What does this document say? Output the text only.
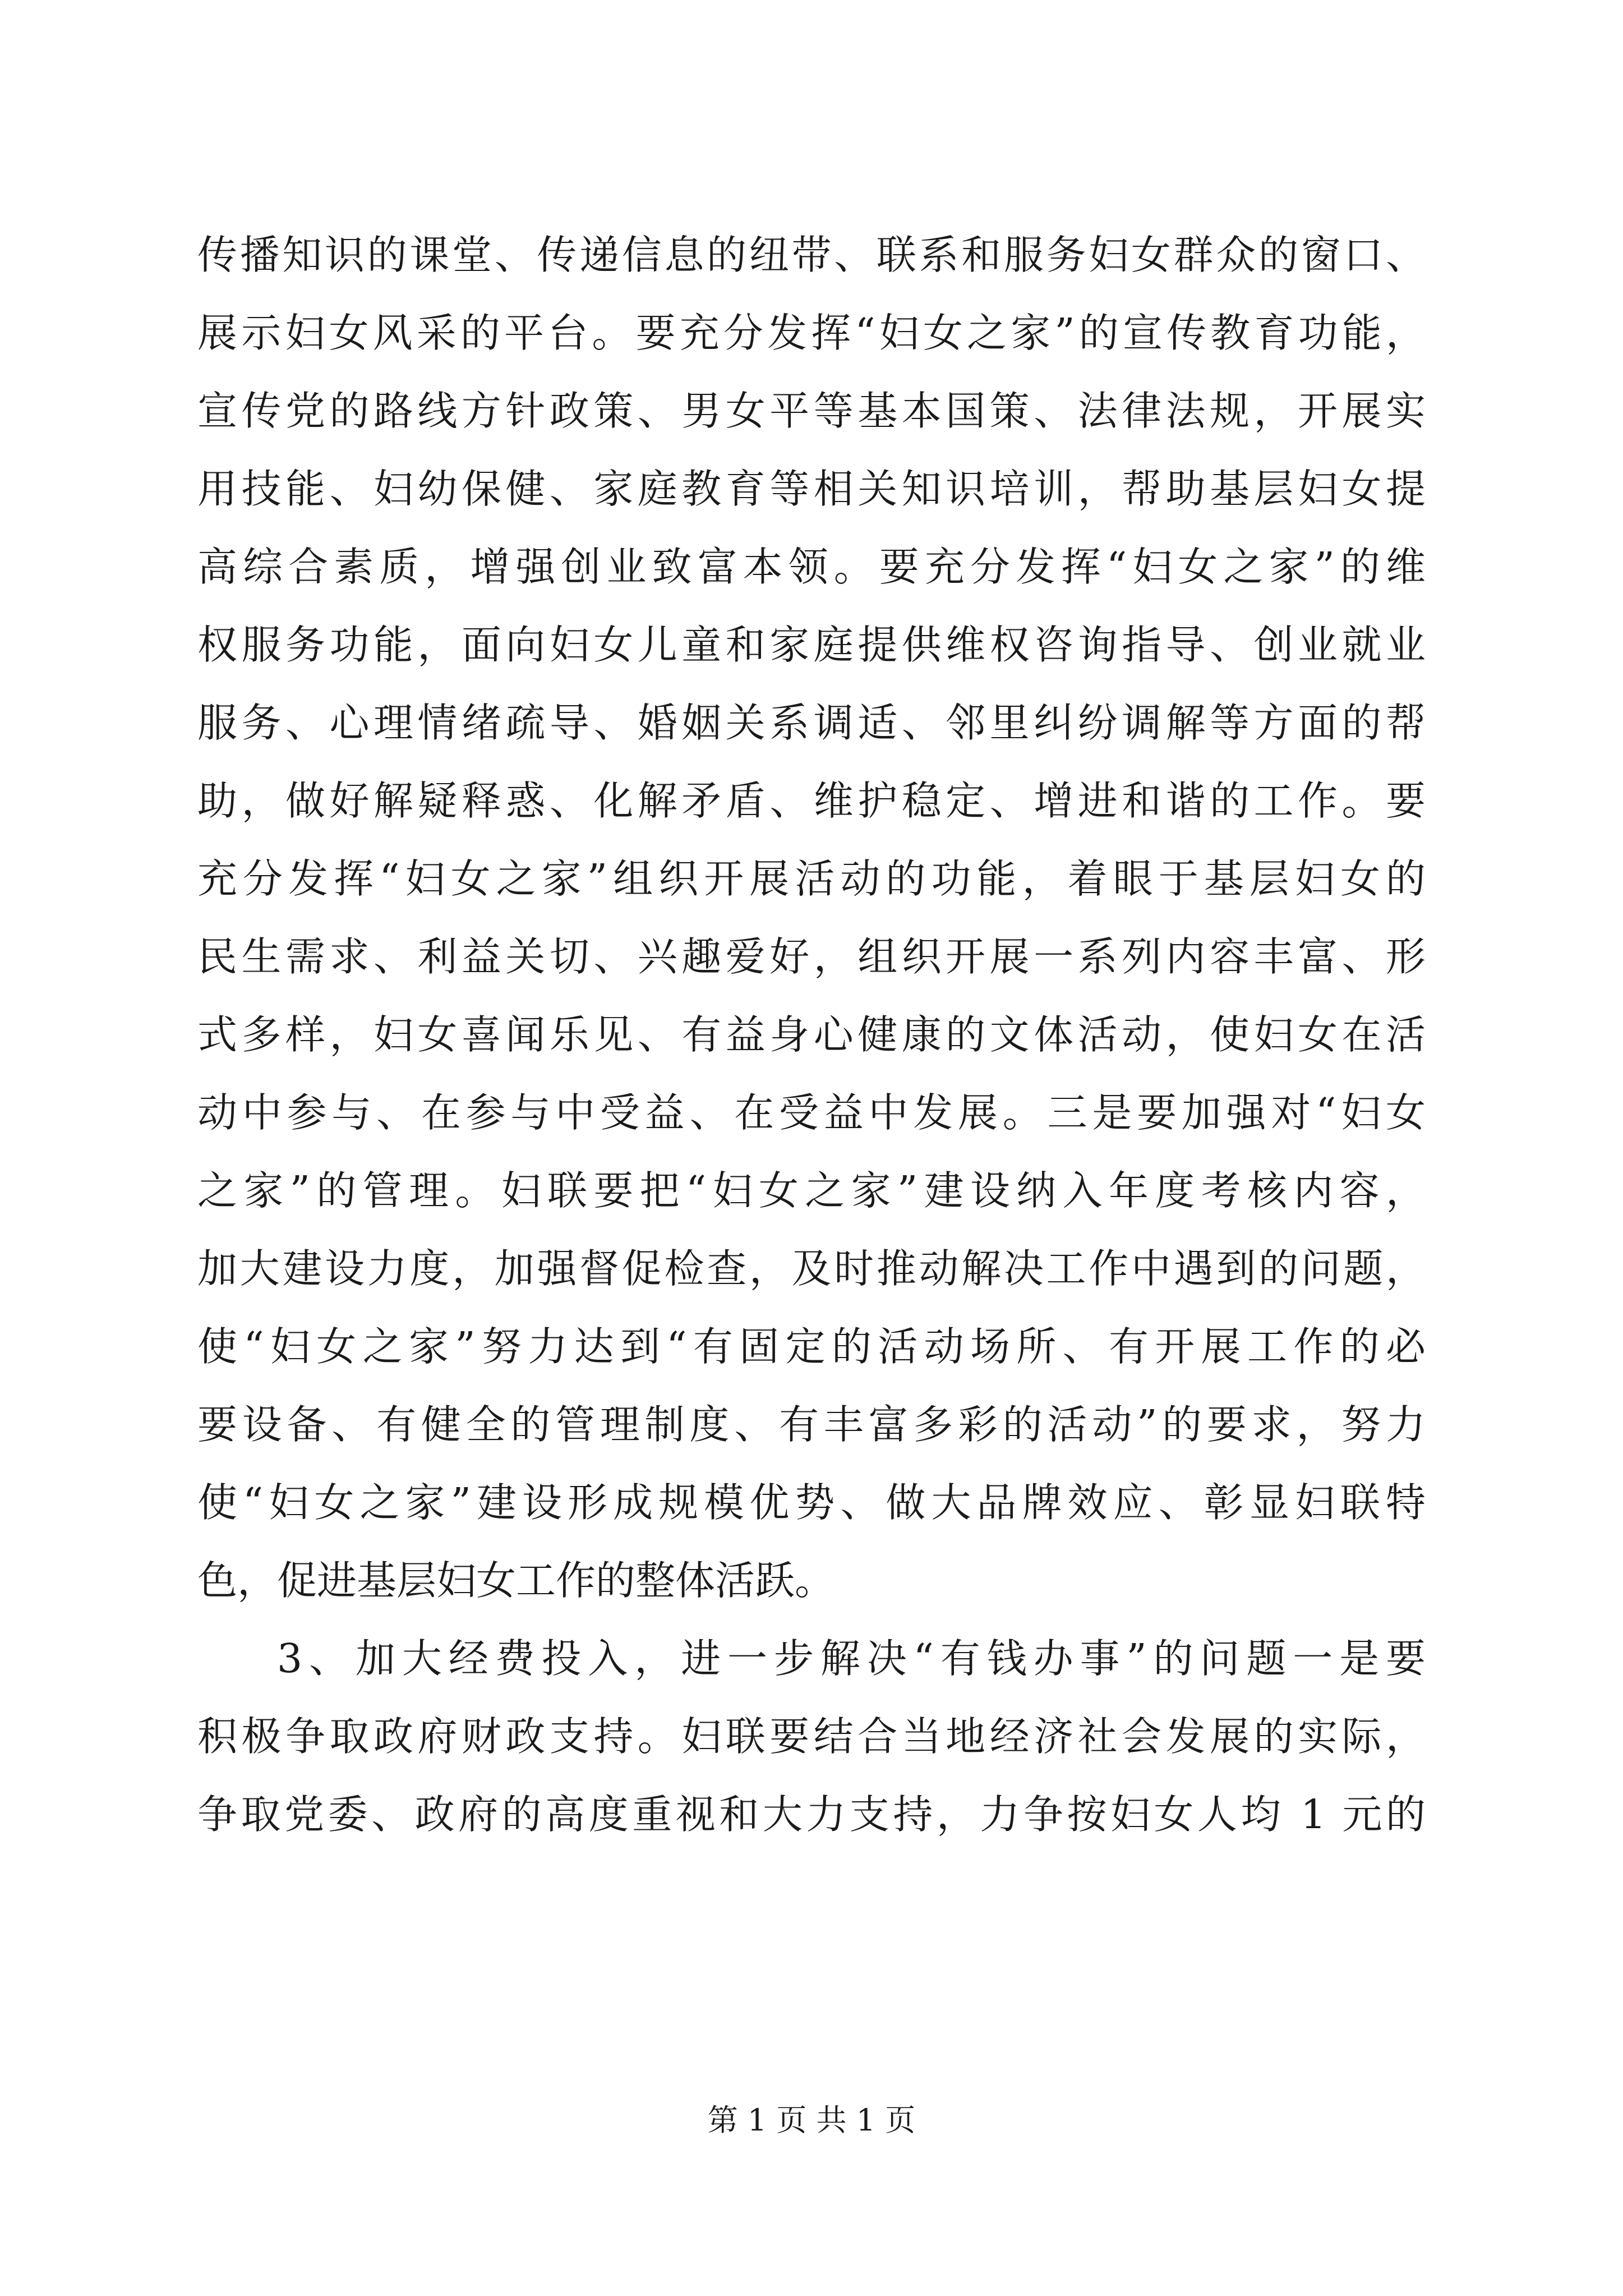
传播知识的课堂、传递信息的纽带、联系和服务妇女群众的窗口、
展示妇女风采的平台。要充分发挥“妇女之家”的宣传教育功能，
宣传党的路线方针政策、男女平等基本国策、法律法规，开展实
用技能、妇幼保健、家庭教育等相关知识培训，帮助基层妇女提
高综合素质，增强创业致富本领。要充分发挥“妇女之家”的维
权服务功能，面向妇女儿童和家庭提供维权咨询指导、创业就业
服务、心理情绪疏导、婚姻关系调适、邻里纠纷调解等方面的帮
助，做好解疑释惑、化解矛盾、维护稳定、增进和谐的工作。要
充分发挥“妇女之家”组织开展活动的功能，着眼于基层妇女的
民生需求、利益关切、兴趣爱好，组织开展一系列内容丰富、形
式多样，妇女喜闻乐见、有益身心健康的文体活动，使妇女在活
动中参与、在参与中受益、在受益中发展。三是要加强对“妇女
之家”的管理。妇联要把“妇女之家”建设纳入年度考核内容，
加大建设力度，加强督促检查，及时推动解决工作中遇到的问题，
使“妇女之家”努力达到“有固定的活动场所、有开展工作的必
要设备、有健全的管理制度、有丰富多彩的活动”的要求，努力
使“妇女之家”建设形成规模优势、做大品牌效应、彰显妇联特
色，促进基层妇女工作的整体活跃。
3、加大经费投入，进一步解决“有钱办事”的问题一是要
积极争取政府财政支持。妇联要结合当地经济社会发展的实际，
争取党委、政府的高度重视和大力支持，力争按妇女人均 1 元的
第 1 页 共 1 页
